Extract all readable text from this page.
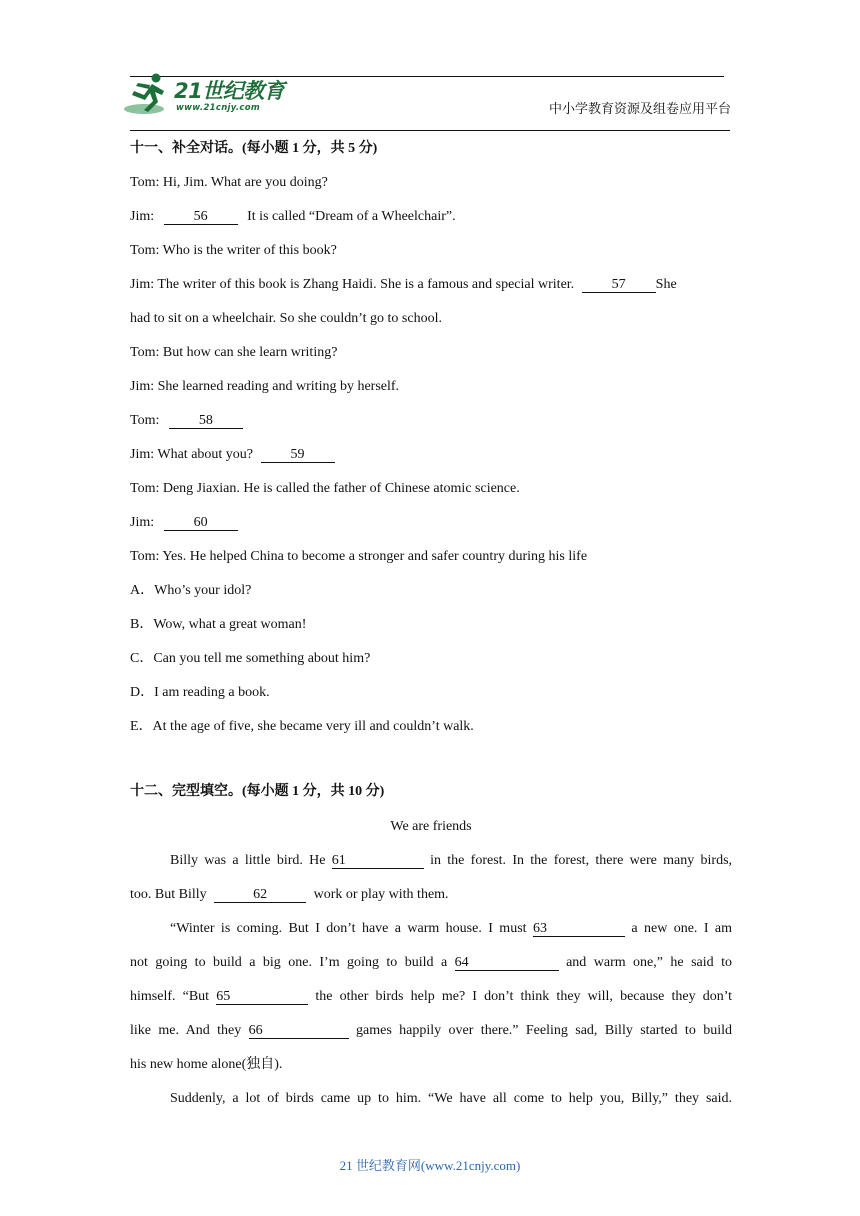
21世纪教育
www.21cnjy.com	中小学教育资源及组卷应用平台
十一、补全对话。(每小题 1 分，共 5 分)
Tom: Hi, Jim. What are you doing?
Jim:	56	It is called “Dream of a Wheelchair”.
Tom: Who is the writer of this book?
Jim: The writer of this book is Zhang Haidi. She is a famous and special writer.	57 She
had to sit on a wheelchair. So she couldn’t go to school.
Tom: But how can she learn writing?
Jim: She learned reading and writing by herself.
Tom:	58
Jim: What about you?	59
Tom: Deng Jiaxian. He is called the father of Chinese atomic science.
Jim:	60
Tom: Yes. He helped China to become a stronger and safer country during his life
A．Who’s your idol?
B．Wow, what a great woman!
C．Can you tell me something about him?
D．I am reading a book.
E．At the age of five, she became very ill and couldn’t walk.
十二、完型填空。(每小题 1 分，共 10 分)
We are friends
Billy was a little bird. He 61	in the forest. In the forest, there were many birds,
too. But Billy	62	work or play with them.
“Winter is coming. But I don’t have a warm house. I must 63	a new one. I am
not going to build a big one. I’m going to build a 64	and warm one,” he said to
himself. “But 65	the other birds help me? I don’t think they will, because they don’t
like me. And they 66	games happily over there.” Feeling sad, Billy started to build
his new home alone(独自).
Suddenly, a lot of birds came up to him. “We have all come to help you, Billy,” they said.
21 世纪教育网(www.21cnjy.com)
